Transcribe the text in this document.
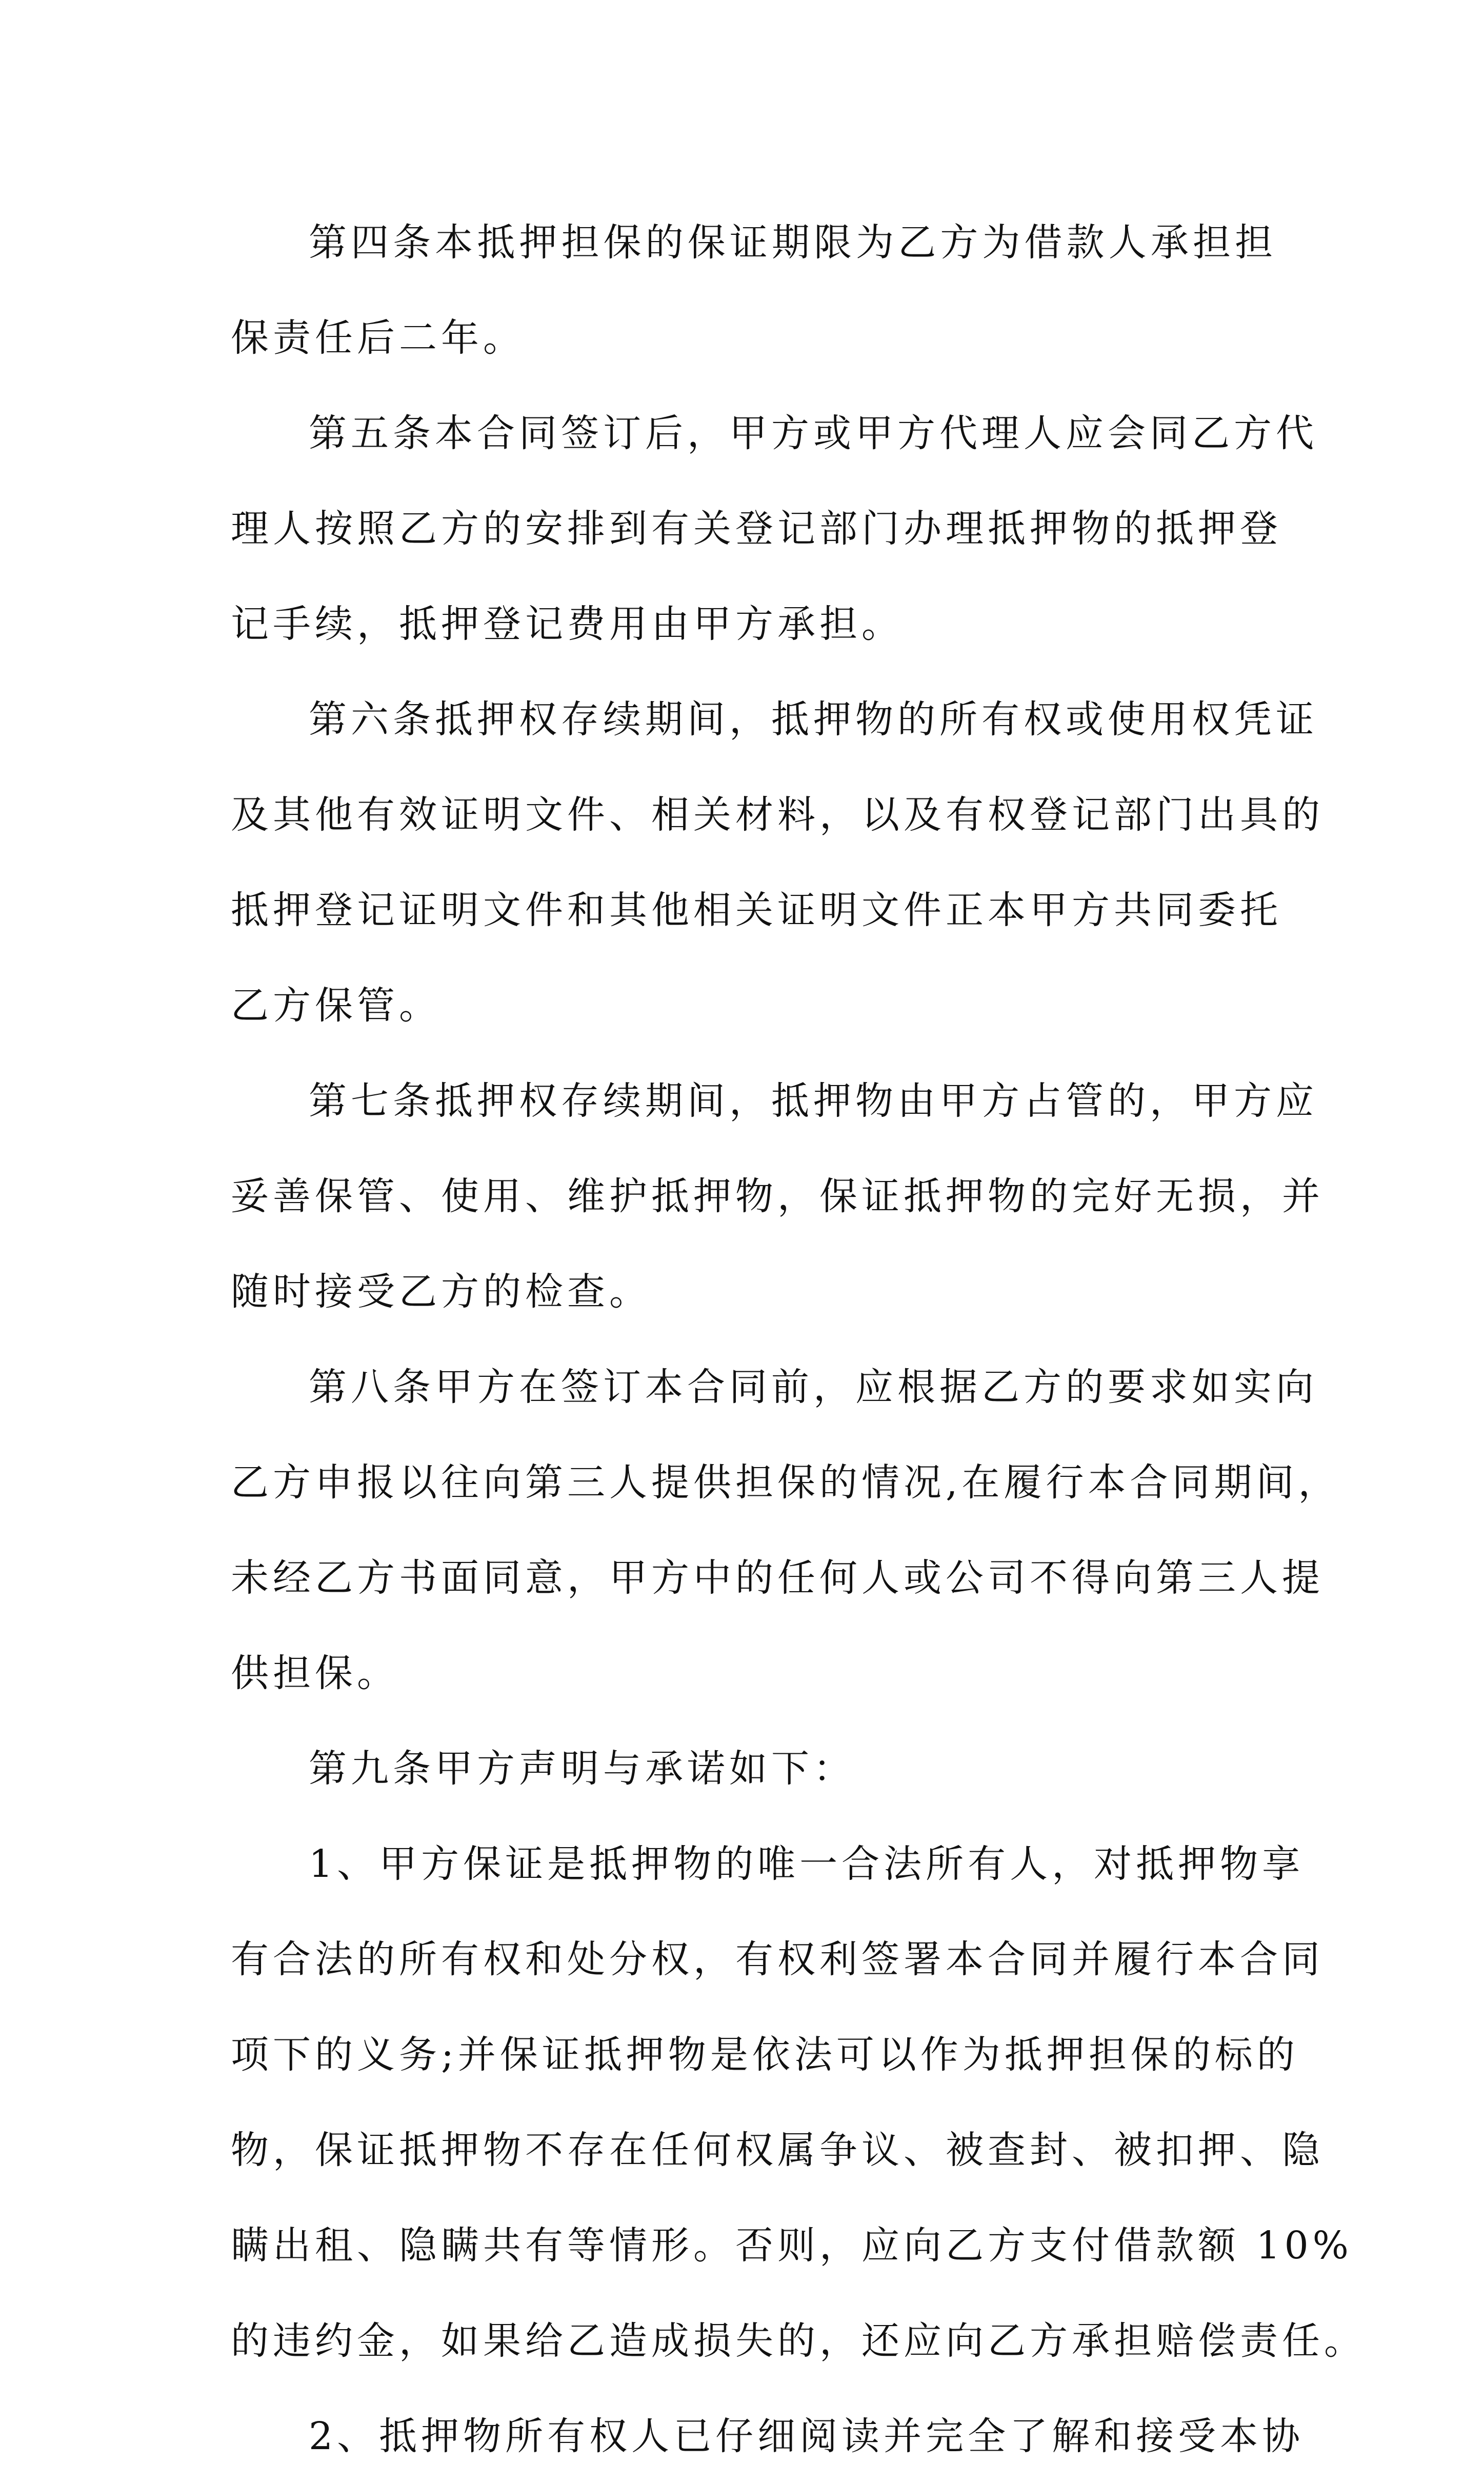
第四条本抵押担保的保证期限为乙方为借款人承担担
保责任后二年。
第五条本合同签订后，甲方或甲方代理人应会同乙方代
理人按照乙方的安排到有关登记部门办理抵押物的抵押登
记手续，抵押登记费用由甲方承担。
第六条抵押权存续期间，抵押物的所有权或使用权凭证
及其他有效证明文件、相关材料，以及有权登记部门出具的
抵押登记证明文件和其他相关证明文件正本甲方共同委托
乙方保管。
第七条抵押权存续期间，抵押物由甲方占管的，甲方应
妥善保管、使用、维护抵押物，保证抵押物的完好无损，并
随时接受乙方的检查。
第八条甲方在签订本合同前，应根据乙方的要求如实向
乙方申报以往向第三人提供担保的情况,在履行本合同期间，
未经乙方书面同意，甲方中的任何人或公司不得向第三人提
供担保。
第九条甲方声明与承诺如下：
1、甲方保证是抵押物的唯一合法所有人，对抵押物享
有合法的所有权和处分权，有权利签署本合同并履行本合同
项下的义务;并保证抵押物是依法可以作为抵押担保的标的
物，保证抵押物不存在任何权属争议、被查封、被扣押、隐
瞒出租、隐瞒共有等情形。否则，应向乙方支付借款额 10%
的违约金，如果给乙造成损失的，还应向乙方承担赔偿责任。
2、抵押物所有权人已仔细阅读并完全了解和接受本协
